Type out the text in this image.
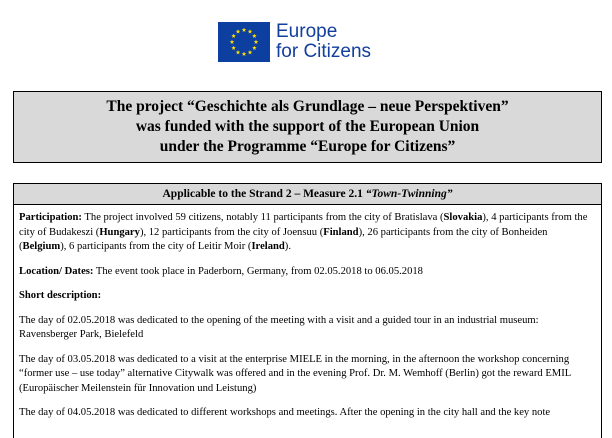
Europe
for Citizens
The project “Geschichte als Grundlage – neue Perspektiven”
was funded with the support of the European Union
under the Programme “Europe for Citizens”
Applicable to the Strand 2 – Measure 2.1 “Town-Twinning”

Participation: The project involved 59 citizens, notably 11 participants from the city of Bratislava (Slovakia), 4 participants from the city of Budakeszi (Hungary), 12 participants from the city of Joensuu (Finland), 26 participants from the city of Bonheiden (Belgium), 6 participants from the city of Leitir Moir (Ireland).

Location/ Dates: The event took place in Paderborn, Germany, from 02.05.2018 to 06.05.2018

Short description:

The day of 02.05.2018 was dedicated to the opening of the meeting with a visit and a guided tour in an industrial museum: Ravensberger Park, Bielefeld

The day of 03.05.2018 was dedicated to a visit at the enterprise MIELE in the morning, in the afternoon the workshop concerning “former use – use today” alternative Citywalk was offered and in the evening Prof. Dr. M. Wemhoff (Berlin) got the reward EMIL (Europäischer Meilenstein für Innovation und Leistung)

The day of 04.05.2018 was dedicated to different workshops and meetings. After the opening in the city hall and the key note
